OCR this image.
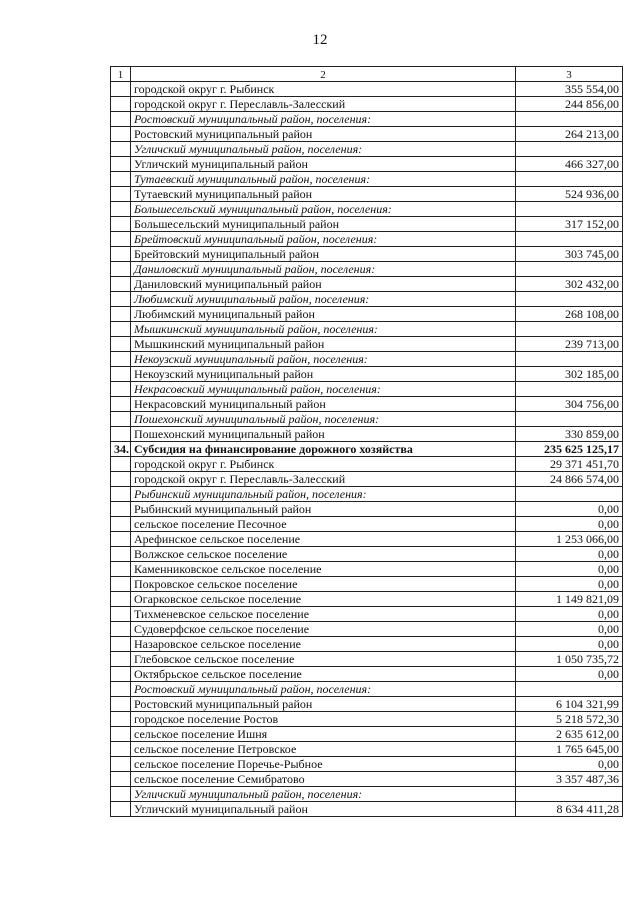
12
1	2	3
	городской округ г. Рыбинск	355 554,00
	городской округ г. Переславль-Залесский	244 856,00
	Ростовский муниципальный район, поселения:	
	Ростовский муниципальный район	264 213,00
	Угличский муниципальный район, поселения:	
	Угличский муниципальный район	466 327,00
	Тутаевский муниципальный район, поселения:	
	Тутаевский муниципальный район	524 936,00
	Большесельский муниципальный район, поселения:	
	Большесельский муниципальный район	317 152,00
	Брейтовский муниципальный район, поселения:	
	Брейтовский муниципальный район	303 745,00
	Даниловский муниципальный район, поселения:	
	Даниловский муниципальный район	302 432,00
	Любимский муниципальный район, поселения:	
	Любимский муниципальный район	268 108,00
	Мышкинский муниципальный район, поселения:	
	Мышкинский муниципальный район	239 713,00
	Некоузский муниципальный район, поселения:	
	Некоузский муниципальный район	302 185,00
	Некрасовский муниципальный район, поселения:	
	Некрасовский муниципальный район	304 756,00
	Пошехонский муниципальный район, поселения:	
	Пошехонский муниципальный район	330 859,00
34.	Субсидия на финансирование дорожного хозяйства	235 625 125,17
	городской округ г. Рыбинск	29 371 451,70
	городской округ г. Переславль-Залесский	24 866 574,00
	Рыбинский муниципальный район, поселения:	
	Рыбинский муниципальный район	0,00
	сельское поселение Песочное	0,00
	Арефинское сельское поселение	1 253 066,00
	Волжское сельское поселение	0,00
	Каменниковское сельское поселение	0,00
	Покровское сельское поселение	0,00
	Огарковское сельское поселение	1 149 821,09
	Тихменевское сельское поселение	0,00
	Судоверфское сельское поселение	0,00
	Назаровское сельское поселение	0,00
	Глебовское сельское поселение	1 050 735,72
	Октябрьское сельское поселение	0,00
	Ростовский муниципальный район, поселения:	
	Ростовский муниципальный район	6 104 321,99
	городское поселение Ростов	5 218 572,30
	сельское поселение Ишня	2 635 612,00
	сельское поселение Петровское	1 765 645,00
	сельское поселение Поречье-Рыбное	0,00
	сельское поселение Семибратово	3 357 487,36
	Угличский муниципальный район, поселения:	
	Угличский муниципальный район	8 634 411,28
